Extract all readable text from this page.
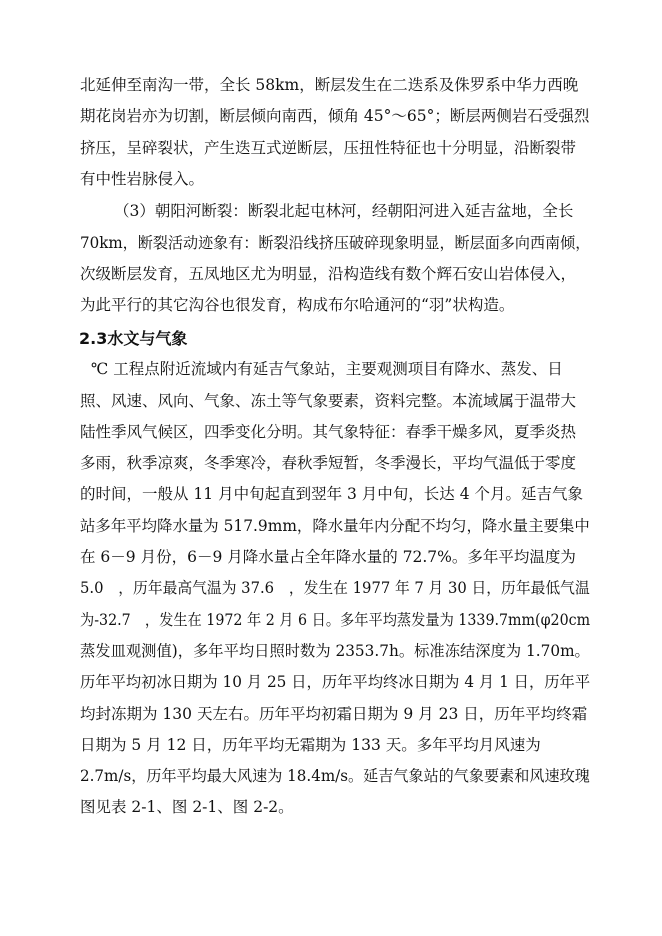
北延伸至南沟一带，全长 58km，断层发生在二迭系及侏罗系中华力西晚
期花岗岩亦为切割，断层倾向南西，倾角 45°～65°；断层两侧岩石受强烈
挤压，呈碎裂状，产生迭互式逆断层，压扭性特征也十分明显，沿断裂带
有中性岩脉侵入。
（3）朝阳河断裂：断裂北起屯林河，经朝阳河进入延吉盆地，全长
70km，断裂活动迹象有：断裂沿线挤压破碎现象明显，断层面多向西南倾，
次级断层发育，五凤地区尤为明显，沿构造线有数个辉石安山岩体侵入，
为此平行的其它沟谷也很发育，构成布尔哈通河的“羽”状构造。
2.3水文与气象
℃ 工程点附近流域内有延吉气象站，主要观测项目有降水、蒸发、日
照、风速、风向、气象、冻土等气象要素，资料完整。本流域属于温带大
陆性季风气候区，四季变化分明。其气象特征：春季干燥多风，夏季炎热
多雨，秋季凉爽，冬季寒冷，春秋季短暂，冬季漫长，平均气温低于零度
的时间，一般从 11 月中旬起直到翌年 3 月中旬，长达 4 个月。延吉气象
站多年平均降水量为 517.9mm，降水量年内分配不均匀，降水量主要集中
在 6－9 月份，6－9 月降水量占全年降水量的 72.7%。多年平均温度为
5.0　，历年最高气温为 37.6　，发生在 1977 年 7 月 30 日，历年最低气温
为-32.7　，发生在 1972 年 2 月 6 日。多年平均蒸发量为 1339.7mm(φ20cm
蒸发皿观测值)，多年平均日照时数为 2353.7h。标准冻结深度为 1.70m。
历年平均初冰日期为 10 月 25 日，历年平均终冰日期为 4 月 1 日，历年平
均封冻期为 130 天左右。历年平均初霜日期为 9 月 23 日，历年平均终霜
日期为 5 月 12 日，历年平均无霜期为 133 天。多年平均月风速为
2.7m/s，历年平均最大风速为 18.4m/s。延吉气象站的气象要素和风速玫瑰
图见表 2-1、图 2-1、图 2-2。
